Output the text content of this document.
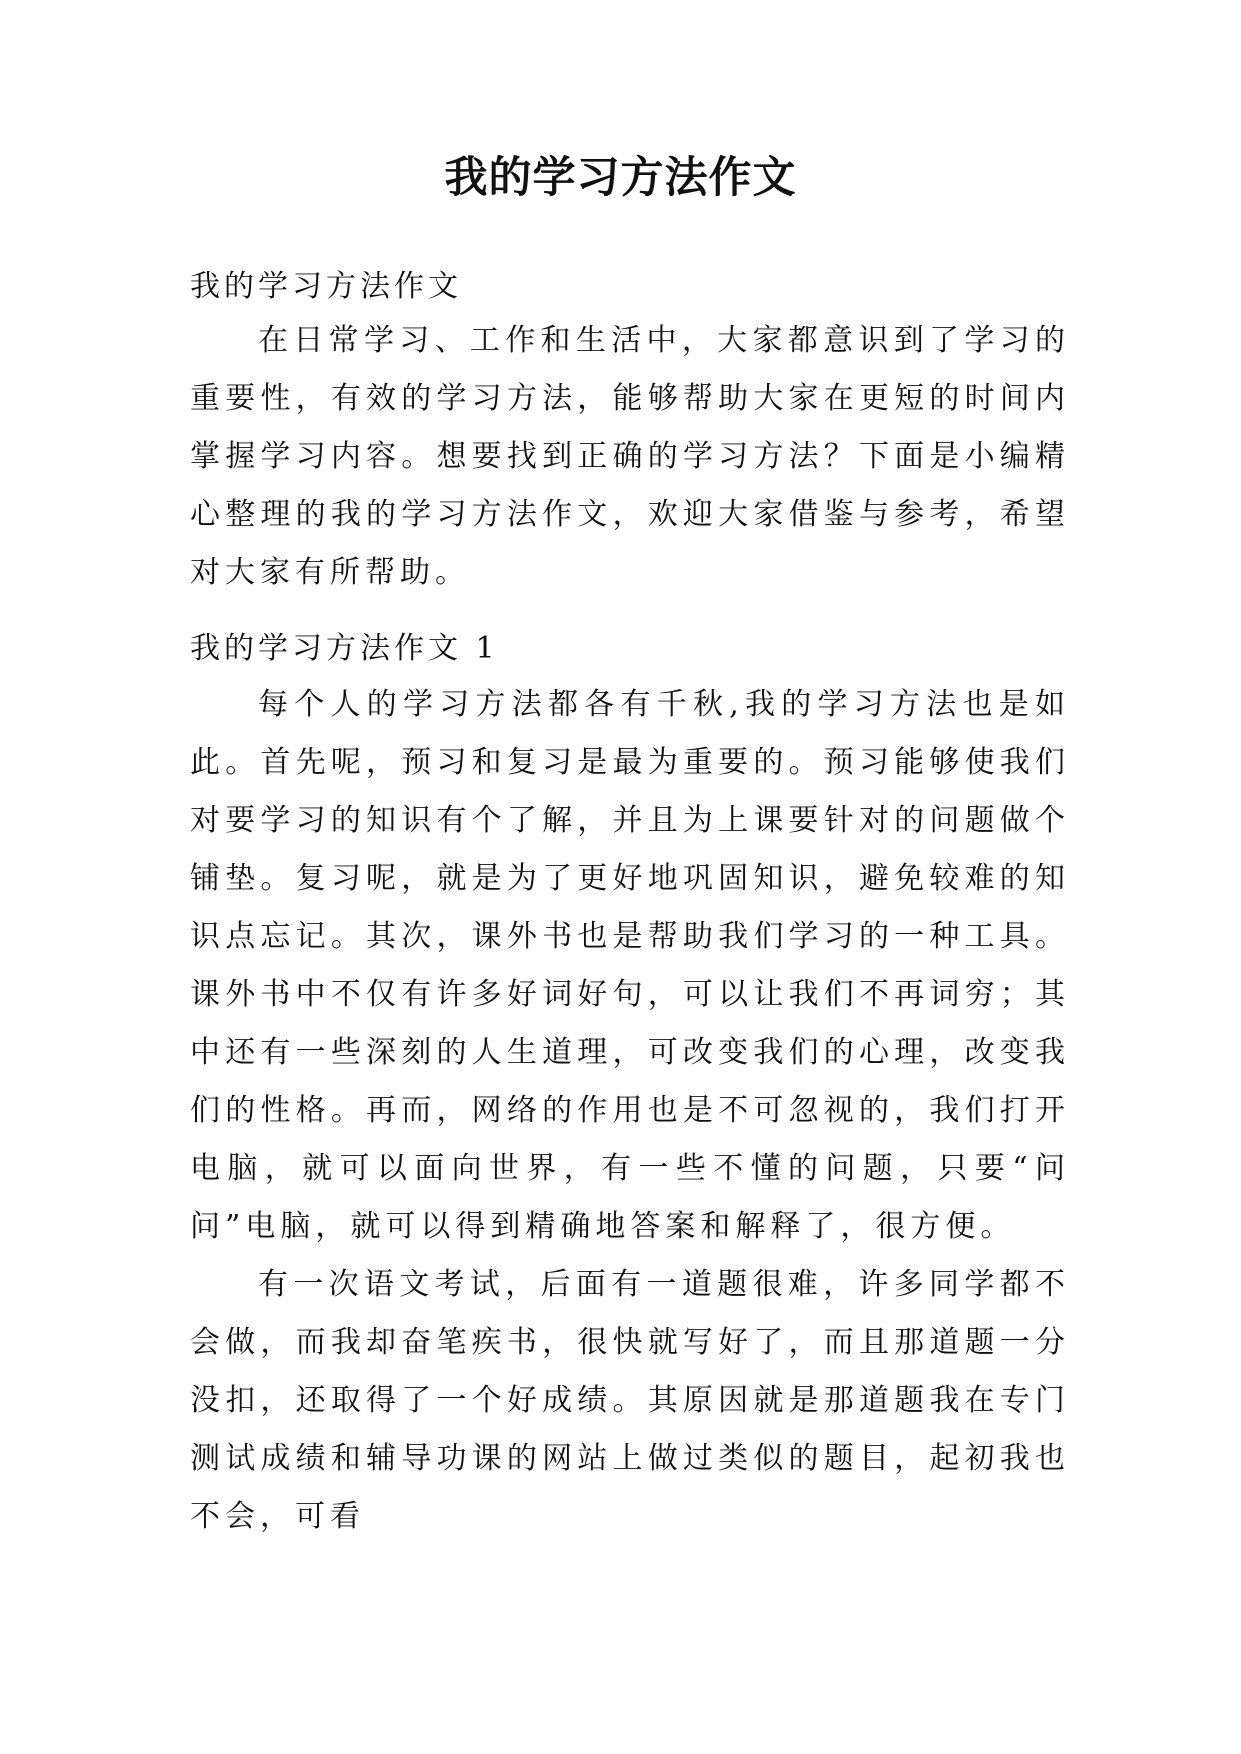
我的学习方法作文

我的学习方法作文

在日常学习、工作和生活中，大家都意识到了学习的重要性，有效的学习方法，能够帮助大家在更短的时间内掌握学习内容。想要找到正确的学习方法？下面是小编精心整理的我的学习方法作文，欢迎大家借鉴与参考，希望对大家有所帮助。

我的学习方法作文 1

每个人的学习方法都各有千秋,我的学习方法也是如此。首先呢，预习和复习是最为重要的。预习能够使我们对要学习的知识有个了解，并且为上课要针对的问题做个铺垫。复习呢，就是为了更好地巩固知识，避免较难的知识点忘记。其次，课外书也是帮助我们学习的一种工具。课外书中不仅有许多好词好句，可以让我们不再词穷；其中还有一些深刻的人生道理，可改变我们的心理，改变我们的性格。再而，网络的作用也是不可忽视的，我们打开电脑，就可以面向世界，有一些不懂的问题，只要“问问”电脑，就可以得到精确地答案和解释了，很方便。

有一次语文考试，后面有一道题很难，许多同学都不会做，而我却奋笔疾书，很快就写好了，而且那道题一分没扣，还取得了一个好成绩。其原因就是那道题我在专门测试成绩和辅导功课的网站上做过类似的题目，起初我也不会，可看
